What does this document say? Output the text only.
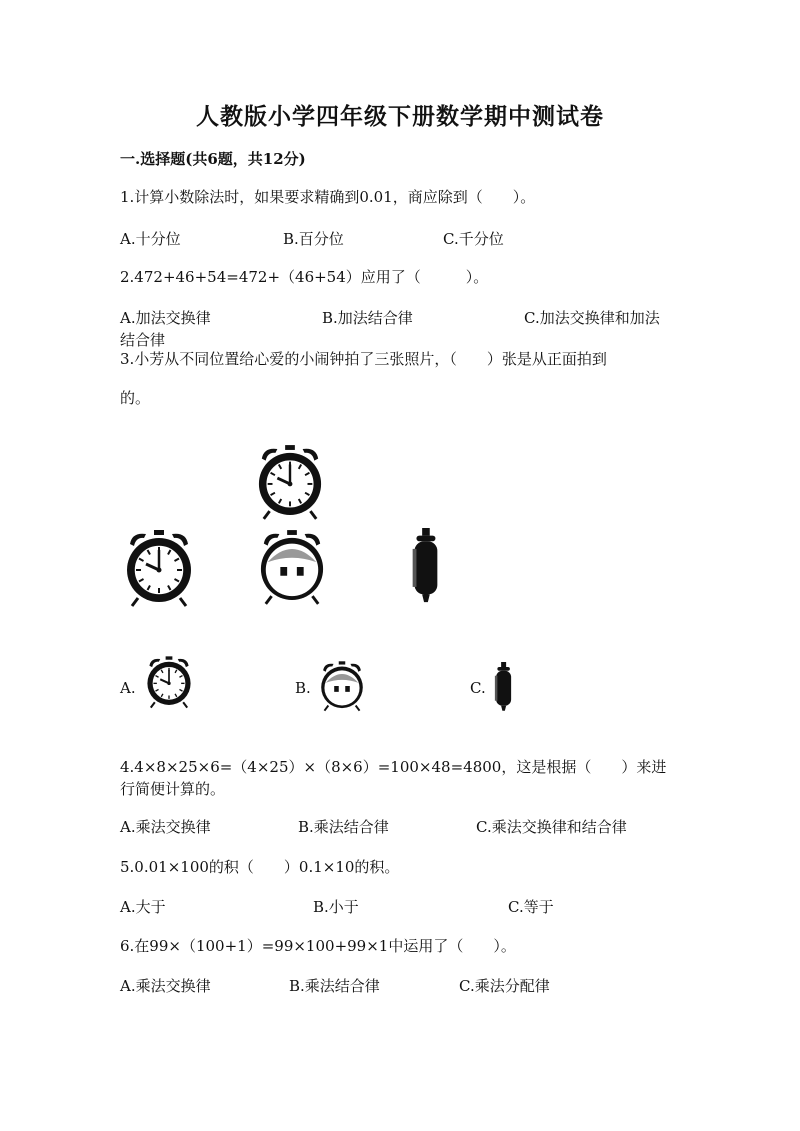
人教版小学四年级下册数学期中测试卷
一.选择题(共6题，共12分)
1.计算小数除法时，如果要求精确到0.01，商应除到（　　）。
A.十分位	B.百分位	C.千分位
2.472+46+54=472+（46+54）应用了（　　　）。
A.加法交换律	B.加法结合律	C.加法交换律和加法结合律
3.小芳从不同位置给心爱的小闹钟拍了三张照片，（　　）张是从正面拍到
的。
A.	B.	C.
4.4×8×25×6=（4×25）×（8×6）=100×48=4800，这是根据（　　）来进行简便计算的。
A.乘法交换律	B.乘法结合律	C.乘法交换律和结合律
5.0.01×100的积（　　）0.1×10的积。
A.大于	B.小于	C.等于
6.在99×（100+1）=99×100+99×1中运用了（　　）。
A.乘法交换律	B.乘法结合律	C.乘法分配律
